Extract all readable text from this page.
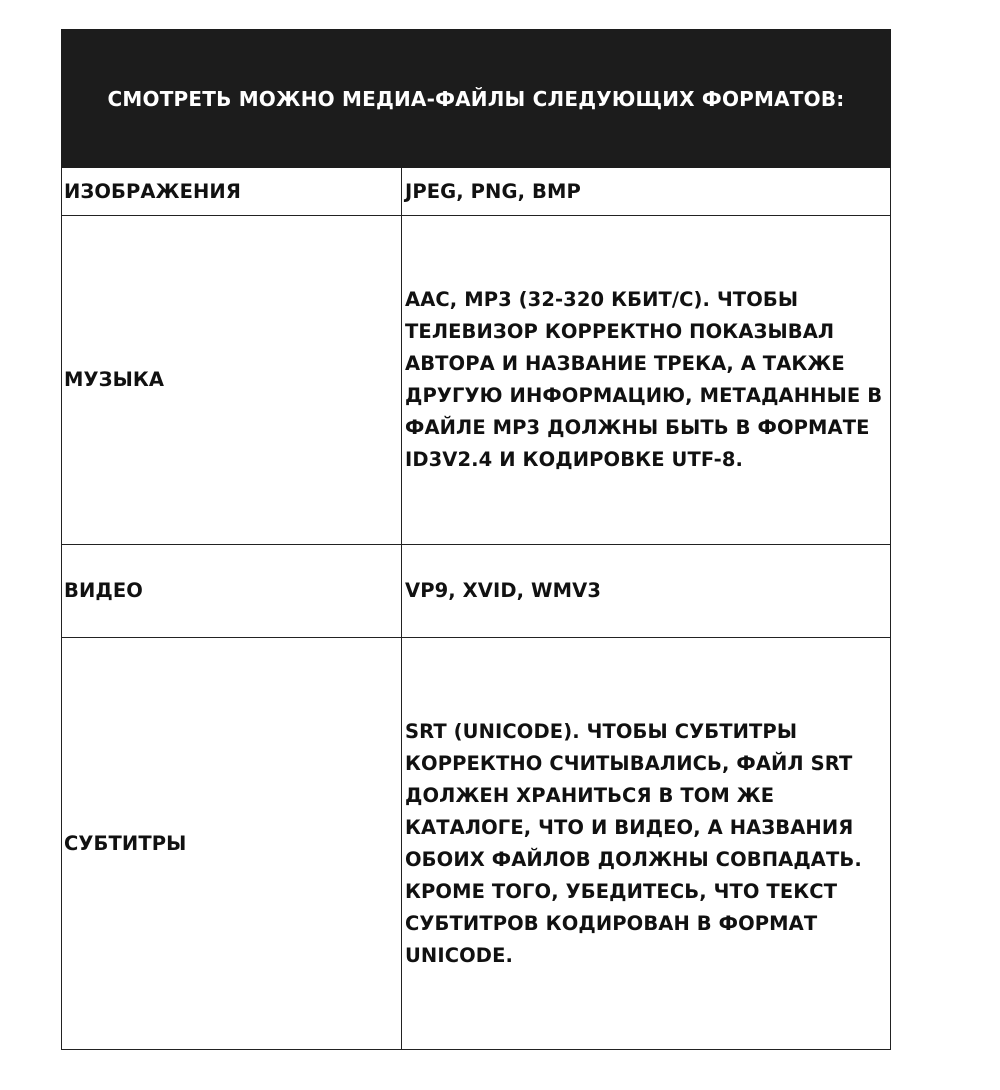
СМОТРЕТЬ МОЖНО МЕДИА-ФАЙЛЫ СЛЕДУЮЩИХ ФОРМАТОВ:	
ИЗОБРАЖЕНИЯ	JPEG, PNG, BMP
МУЗЫКА	AAC, MP3 (32-320 КБИТ/С). ЧТОБЫ ТЕЛЕВИЗОР КОРРЕКТНО ПОКАЗЫВАЛ АВТОРА И НАЗВАНИЕ ТРЕКА, А ТАКЖЕ ДРУГУЮ ИНФОРМАЦИЮ, МЕТАДАННЫЕ В ФАЙЛЕ MP3 ДОЛЖНЫ БЫТЬ В ФОРМАТЕ ID3V2.4 И КОДИРОВКЕ UTF-8.

ВИДЕО	VP9, XVID, WMV3
СУБТИТРЫ	SRT (UNICODE). ЧТОБЫ СУБТИТРЫ КОРРЕКТНО СЧИТЫВАЛИСЬ, ФАЙЛ SRT ДОЛЖЕН ХРАНИТЬСЯ В ТОМ ЖЕ КАТАЛОГЕ, ЧТО И ВИДЕО, А НАЗВАНИЯ ОБОИХ ФАЙЛОВ ДОЛЖНЫ СОВПАДАТЬ. КРОМЕ ТОГО, УБЕДИТЕСЬ, ЧТО ТЕКСТ СУБТИТРОВ КОДИРОВАН В ФОРМАТ UNICODE.
